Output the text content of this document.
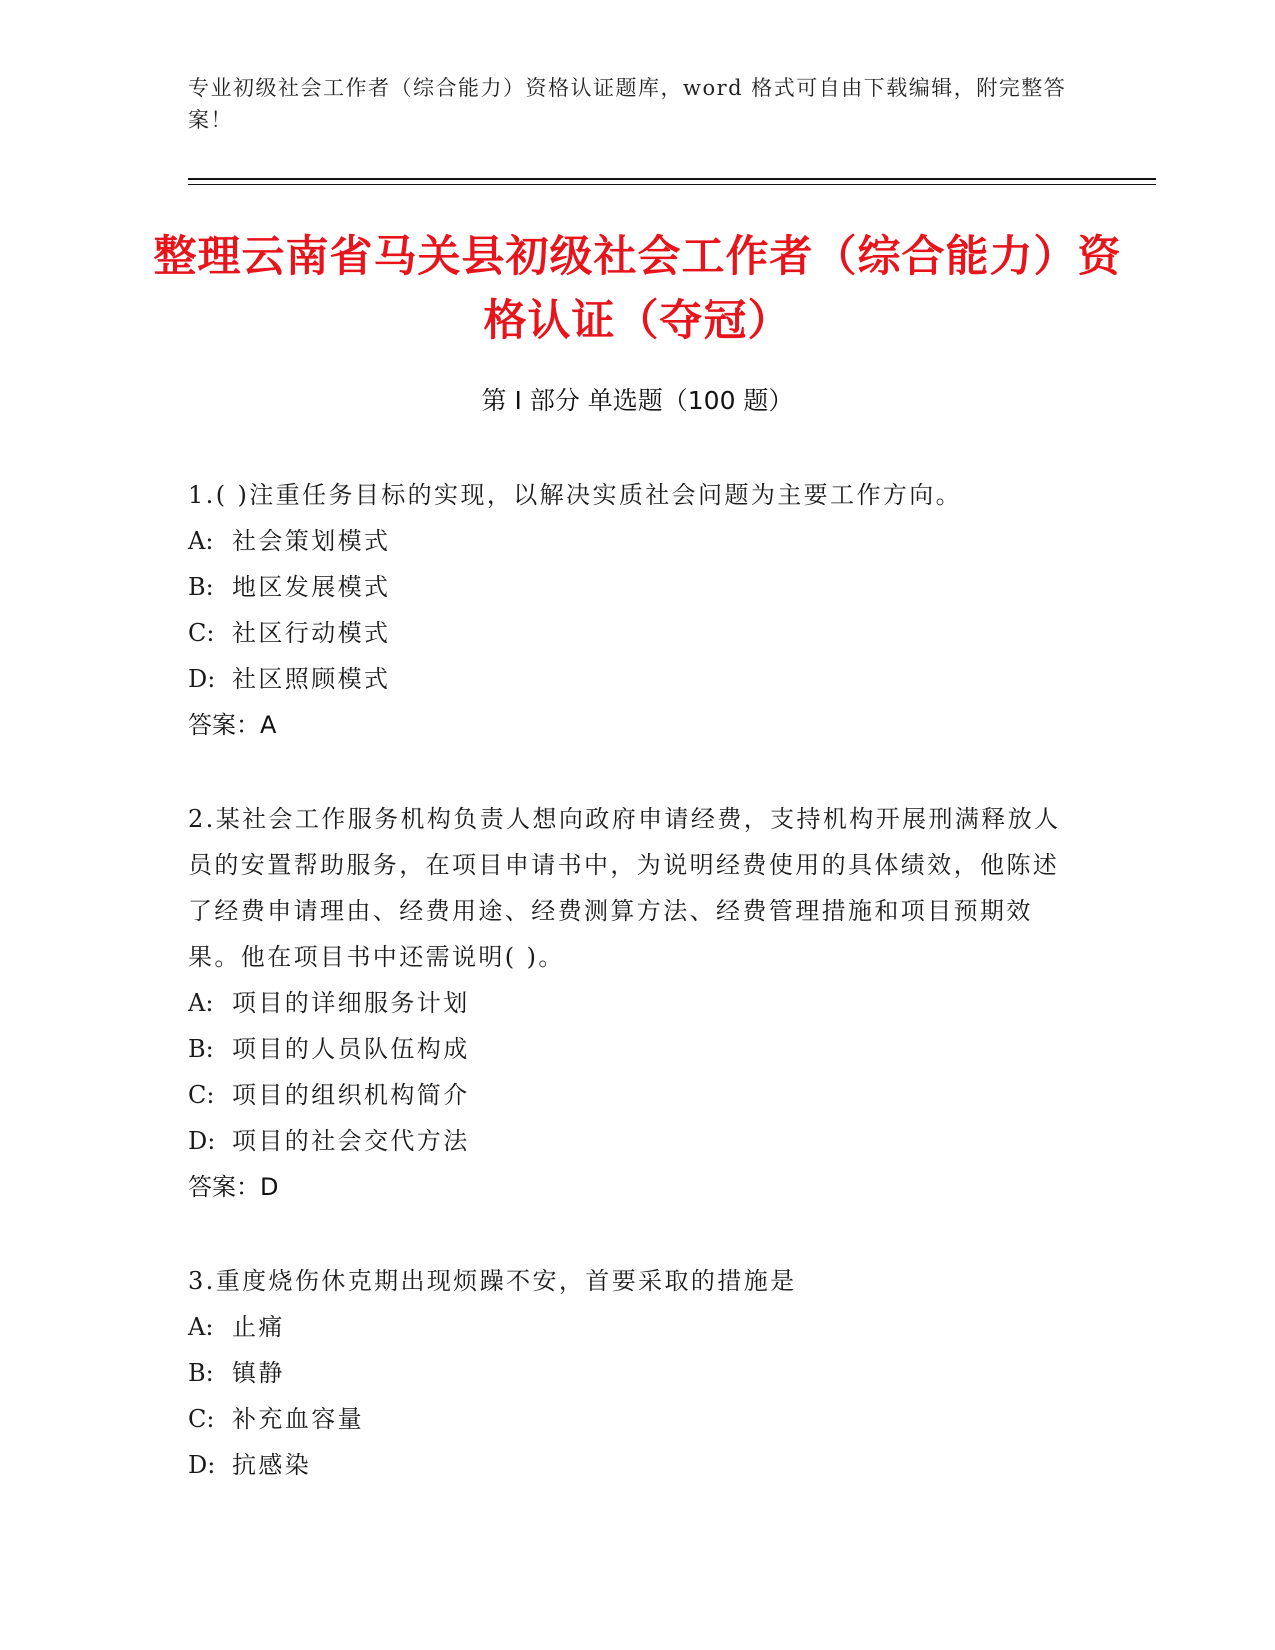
专业初级社会工作者（综合能力）资格认证题库，word 格式可自由下载编辑，附完整答案！
整理云南省马关县初级社会工作者（综合能力）资格认证（夺冠）
第 I 部分 单选题（100 题）
1.( )注重任务目标的实现，以解决实质社会问题为主要工作方向。
A: 社会策划模式
B: 地区发展模式
C: 社区行动模式
D: 社区照顾模式
答案：A
2.某社会工作服务机构负责人想向政府申请经费，支持机构开展刑满释放人员的安置帮助服务，在项目申请书中，为说明经费使用的具体绩效，他陈述了经费申请理由、经费用途、经费测算方法、经费管理措施和项目预期效果。他在项目书中还需说明( )。
A: 项目的详细服务计划
B: 项目的人员队伍构成
C: 项目的组织机构简介
D: 项目的社会交代方法
答案：D
3.重度烧伤休克期出现烦躁不安，首要采取的措施是
A: 止痛
B: 镇静
C: 补充血容量
D: 抗感染
